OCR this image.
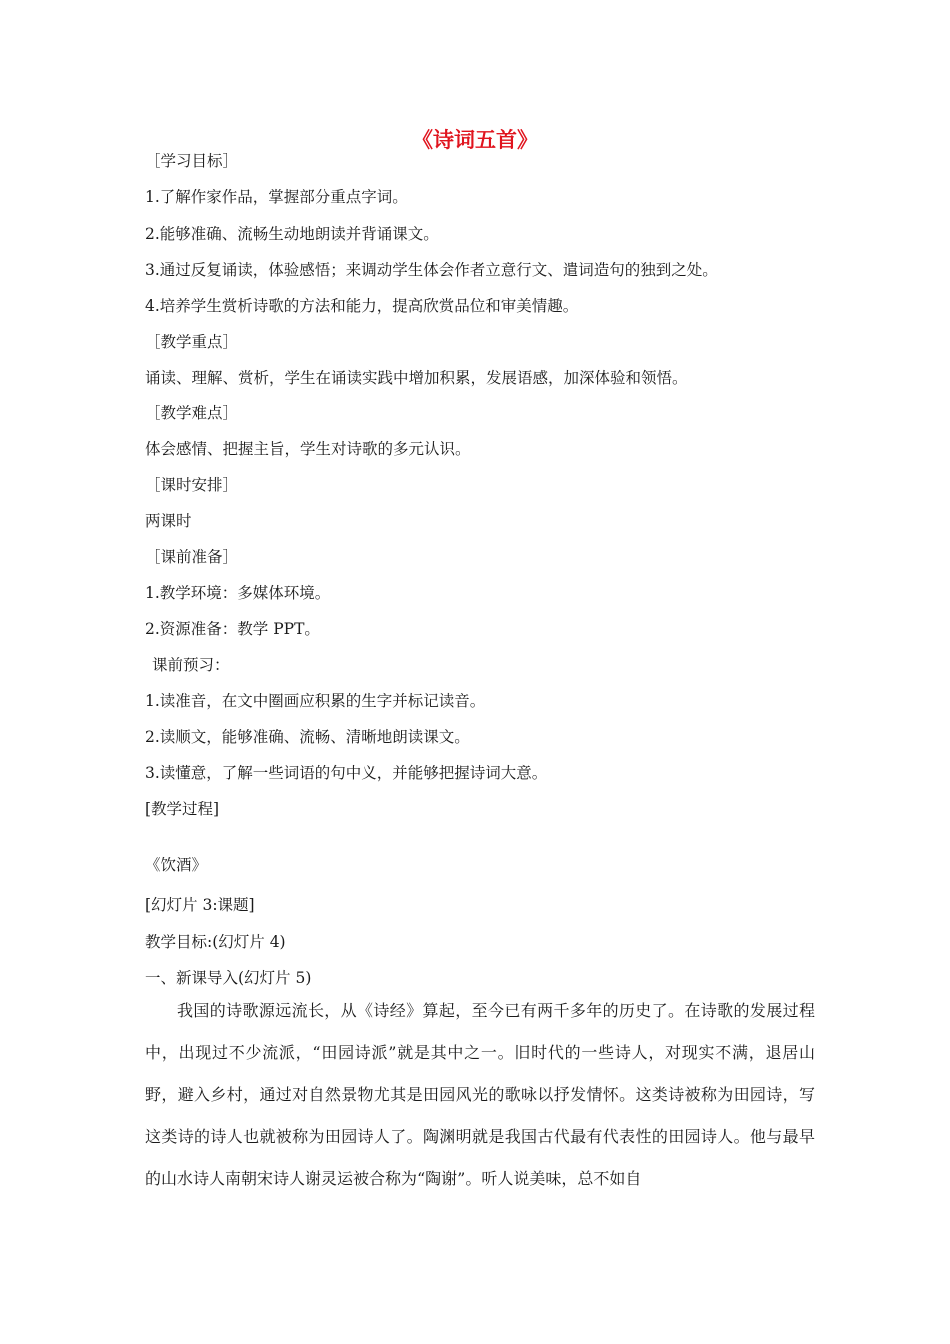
《诗词五首》
［学习目标］
1.了解作家作品，掌握部分重点字词。
2.能够准确、流畅生动地朗读并背诵课文。
3.通过反复诵读，体验感悟；来调动学生体会作者立意行文、遣词造句的独到之处。
4.培养学生赏析诗歌的方法和能力，提高欣赏品位和审美情趣。
［教学重点］
诵读、理解、赏析，学生在诵读实践中增加积累，发展语感，加深体验和领悟。
［教学难点］
体会感情、把握主旨，学生对诗歌的多元认识。
［课时安排］
两课时
［课前准备］
1.教学环境：多媒体环境。
2.资源准备：教学 PPT。
课前预习：
1.读准音，在文中圈画应积累的生字并标记读音。
2.读顺文，能够准确、流畅、清晰地朗读课文。
3.读懂意，了解一些词语的句中义，并能够把握诗词大意。
[教学过程]
《饮酒》
[幻灯片 3:课题]
教学目标:(幻灯片 4)
一、新课导入(幻灯片 5)
我国的诗歌源远流长，从《诗经》算起，至今已有两千多年的历史了。在诗歌的发展过程中，出现过不少流派，“田园诗派”就是其中之一。旧时代的一些诗人，对现实不满，退居山野，避入乡村，通过对自然景物尤其是田园风光的歌咏以抒发情怀。这类诗被称为田园诗，写这类诗的诗人也就被称为田园诗人了。陶渊明就是我国古代最有代表性的田园诗人。他与最早的山水诗人南朝宋诗人谢灵运被合称为“陶谢”。听人说美味，总不如自
